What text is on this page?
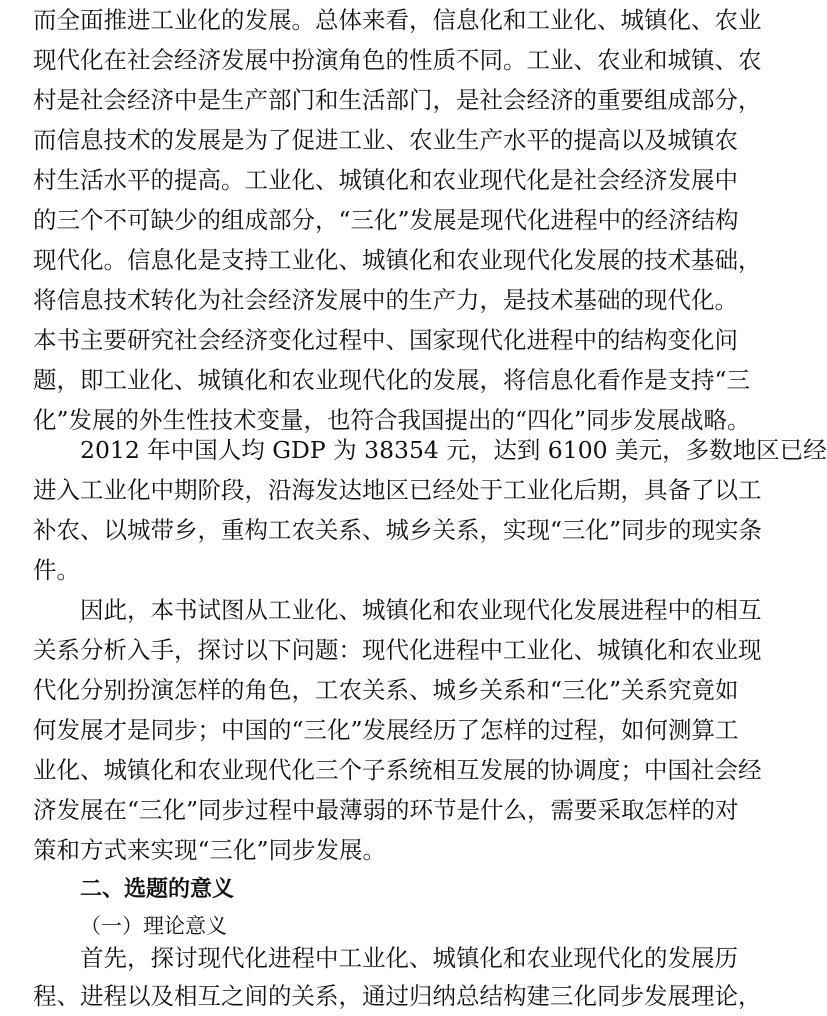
而全面推进工业化的发展。总体来看，信息化和工业化、城镇化、农业
现代化在社会经济发展中扮演角色的性质不同。工业、农业和城镇、农
村是社会经济中是生产部门和生活部门，是社会经济的重要组成部分，
而信息技术的发展是为了促进工业、农业生产水平的提高以及城镇农
村生活水平的提高。工业化、城镇化和农业现代化是社会经济发展中
的三个不可缺少的组成部分，“三化”发展是现代化进程中的经济结构
现代化。信息化是支持工业化、城镇化和农业现代化发展的技术基础，
将信息技术转化为社会经济发展中的生产力，是技术基础的现代化。
本书主要研究社会经济变化过程中、国家现代化进程中的结构变化问
题，即工业化、城镇化和农业现代化的发展，将信息化看作是支持“三
化”发展的外生性技术变量，也符合我国提出的“四化”同步发展战略。
2012 年中国人均 GDP 为 38354 元，达到 6100 美元，多数地区已经
进入工业化中期阶段，沿海发达地区已经处于工业化后期，具备了以工
补农、以城带乡，重构工农关系、城乡关系，实现“三化”同步的现实条
件。
因此，本书试图从工业化、城镇化和农业现代化发展进程中的相互
关系分析入手，探讨以下问题：现代化进程中工业化、城镇化和农业现
代化分别扮演怎样的角色，工农关系、城乡关系和“三化”关系究竟如
何发展才是同步；中国的“三化”发展经历了怎样的过程，如何测算工
业化、城镇化和农业现代化三个子系统相互发展的协调度；中国社会经
济发展在“三化”同步过程中最薄弱的环节是什么，需要采取怎样的对
策和方式来实现“三化”同步发展。
二、选题的意义
（一）理论意义
首先，探讨现代化进程中工业化、城镇化和农业现代化的发展历
程、进程以及相互之间的关系，通过归纳总结构建三化同步发展理论，
